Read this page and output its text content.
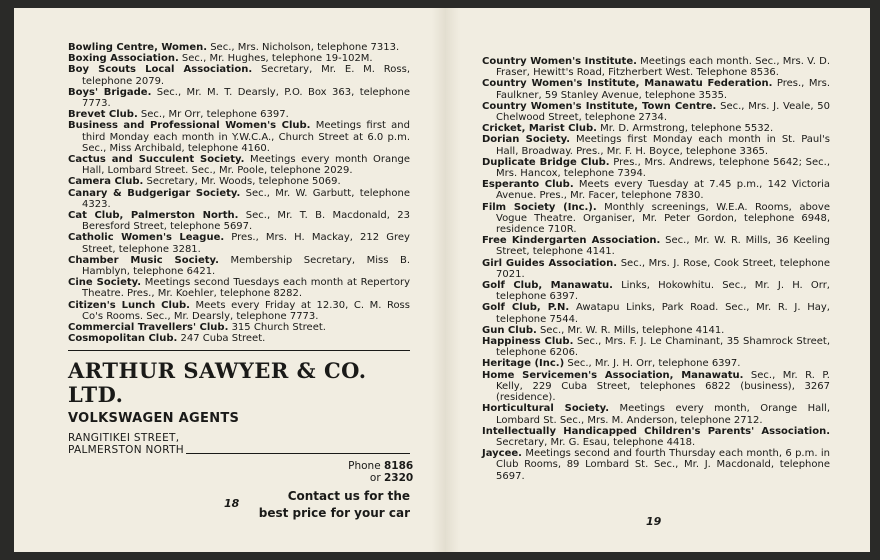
Bowling Centre, Women. Sec., Mrs. Nicholson, telephone 7313.
Boxing Association. Sec., Mr. Hughes, telephone 19-102M.
Boy Scouts Local Association. Secretary, Mr. E. M. Ross, telephone 2079.
Boys' Brigade. Sec., Mr. M. T. Dearsly, P.O. Box 363, telephone 7773.
Brevet Club. Sec., Mr Orr, telephone 6397.
Business and Professional Women's Club. Meetings first and third Monday each month in Y.W.C.A., Church Street at 6.0 p.m. Sec., Miss Archibald, telephone 4160.
Cactus and Succulent Society. Meetings every month Orange Hall, Lombard Street. Sec., Mr. Poole, telephone 2029.
Camera Club. Secretary, Mr. Woods, telephone 5069.
Canary & Budgerigar Society. Sec., Mr. W. Garbutt, telephone 4323.
Cat Club, Palmerston North. Sec., Mr. T. B. Macdonald, 23 Beresford Street, telephone 5697.
Catholic Women's League. Pres., Mrs. H. Mackay, 212 Grey Street, telephone 3281.
Chamber Music Society. Membership Secretary, Miss B. Hamblyn, telephone 6421.
Cine Society. Meetings second Tuesdays each month at Repertory Theatre. Pres., Mr. Koehler, telephone 8282.
Citizen's Lunch Club. Meets every Friday at 12.30, C. M. Ross Co's Rooms. Sec., Mr. Dearsly, telephone 7773.
Commercial Travellers' Club. 315 Church Street.
Cosmopolitan Club. 247 Cuba Street.
ARTHUR SAWYER & CO. LTD.
VOLKSWAGEN AGENTS
RANGITIKEI STREET,
PALMERSTON NORTH
Phone 8186
or 2320
Contact us for the
best price for your car
18
Country Women's Institute. Meetings each month. Sec., Mrs. V. D. Fraser, Hewitt's Road, Fitzherbert West. Telephone 8536.
Country Women's Institute, Manawatu Federation. Pres., Mrs. Faulkner, 59 Stanley Avenue, telephone 3535.
Country Women's Institute, Town Centre. Sec., Mrs. J. Veale, 50 Chelwood Street, telephone 2734.
Cricket, Marist Club. Mr. D. Armstrong, telephone 5532.
Dorian Society. Meetings first Monday each month in St. Paul's Hall, Broadway. Pres., Mr. F. H. Boyce, telephone 3365.
Duplicate Bridge Club. Pres., Mrs. Andrews, telephone 5642; Sec., Mrs. Hancox, telephone 7394.
Esperanto Club. Meets every Tuesday at 7.45 p.m., 142 Victoria Avenue. Pres., Mr. Facer, telephone 7830.
Film Society (Inc.). Monthly screenings, W.E.A. Rooms, above Vogue Theatre. Organiser, Mr. Peter Gordon, telephone 6948, residence 710R.
Free Kindergarten Association. Sec., Mr. W. R. Mills, 36 Keeling Street, telephone 4141.
Girl Guides Association. Sec., Mrs. J. Rose, Cook Street, telephone 7021.
Golf Club, Manawatu. Links, Hokowhitu. Sec., Mr. J. H. Orr, telephone 6397.
Golf Club, P.N. Awatapu Links, Park Road. Sec., Mr. R. J. Hay, telephone 7544.
Gun Club. Sec., Mr. W. R. Mills, telephone 4141.
Happiness Club. Sec., Mrs. F. J. Le Chaminant, 35 Shamrock Street, telephone 6206.
Heritage (Inc.) Sec., Mr. J. H. Orr, telephone 6397.
Home Servicemen's Association, Manawatu. Sec., Mr. R. P. Kelly, 229 Cuba Street, telephones 6822 (business), 3267 (residence).
Horticultural Society. Meetings every month, Orange Hall, Lombard St. Sec., Mrs. M. Anderson, telephone 2712.
Intellectually Handicapped Children's Parents' Association. Secretary, Mr. G. Esau, telephone 4418.
Jaycee. Meetings second and fourth Thursday each month, 6 p.m. in Club Rooms, 89 Lombard St. Sec., Mr. J. Macdonald, telephone 5697.
19
